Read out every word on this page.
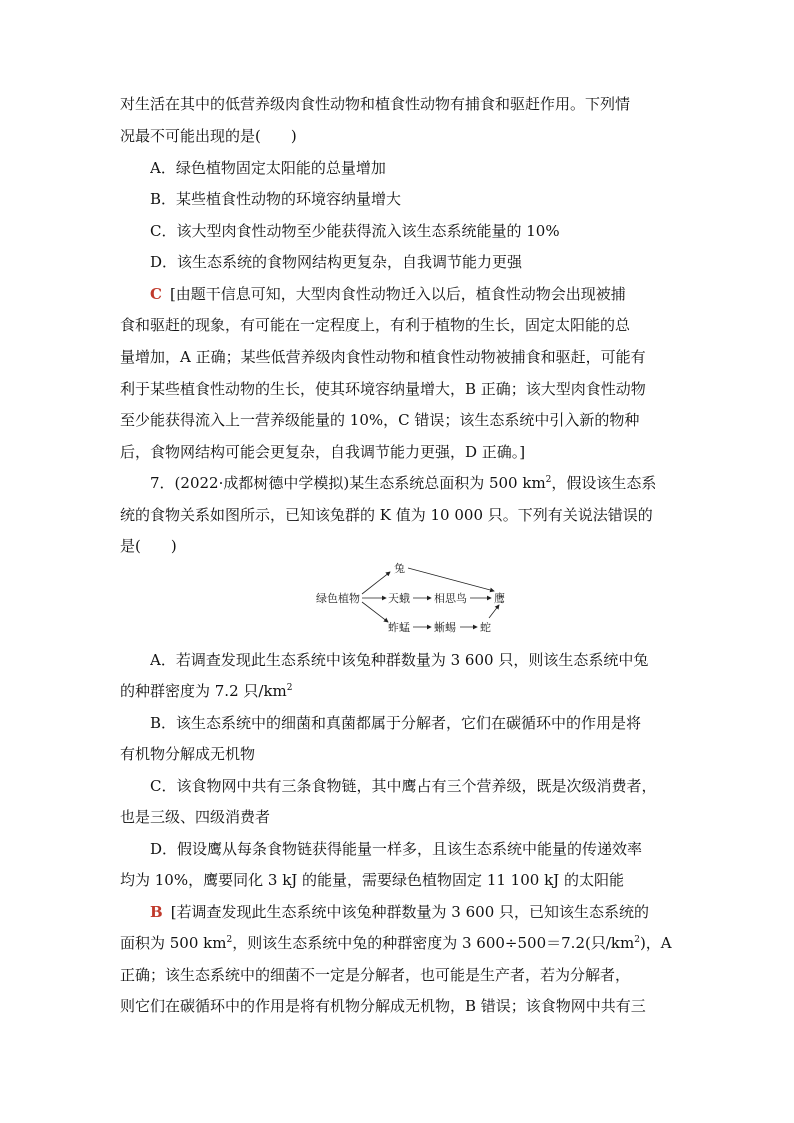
对生活在其中的低营养级肉食性动物和植食性动物有捕食和驱赶作用。下列情
况最不可能出现的是(　　)
A．绿色植物固定太阳能的总量增加
B．某些植食性动物的环境容纳量增大
C．该大型肉食性动物至少能获得流入该生态系统能量的 10%
D．该生态系统的食物网结构更复杂，自我调节能力更强
C [由题干信息可知，大型肉食性动物迁入以后，植食性动物会出现被捕
食和驱赶的现象，有可能在一定程度上，有利于植物的生长，固定太阳能的总
量增加，A 正确；某些低营养级肉食性动物和植食性动物被捕食和驱赶，可能有
利于某些植食性动物的生长，使其环境容纳量增大，B 正确；该大型肉食性动物
至少能获得流入上一营养级能量的 10%，C 错误；该生态系统中引入新的物种
后，食物网结构可能会更复杂，自我调节能力更强，D 正确。]
7．(2022·成都树德中学模拟)某生态系统总面积为 500 $km^2$，假设该生态系
统的食物关系如图所示，已知该兔群的 K 值为 10 000 只。下列有关说法错误的
是(　　)
绿色植物
兔
天蛾 相思鸟 鹰
蚱蜢 蜥蜴 蛇
A．若调查发现此生态系统中该兔种群数量为 3 600 只，则该生态系统中兔
的种群密度为 7.2 只$/km^2$
B．该生态系统中的细菌和真菌都属于分解者，它们在碳循环中的作用是将
有机物分解成无机物
C．该食物网中共有三条食物链，其中鹰占有三个营养级，既是次级消费者，
也是三级、四级消费者
D．假设鹰从每条食物链获得能量一样多，且该生态系统中能量的传递效率
均为 10%，鹰要同化 3 kJ 的能量，需要绿色植物固定 11 100 kJ 的太阳能
B [若调查发现此生态系统中该兔种群数量为 3 600 只，已知该生态系统的
面积为 500 $km^2$，则该生态系统中兔的种群密度为 3 600÷500＝7.2(只$/km^2$)，A
正确；该生态系统中的细菌不一定是分解者，也可能是生产者，若为分解者，
则它们在碳循环中的作用是将有机物分解成无机物，B 错误；该食物网中共有三
